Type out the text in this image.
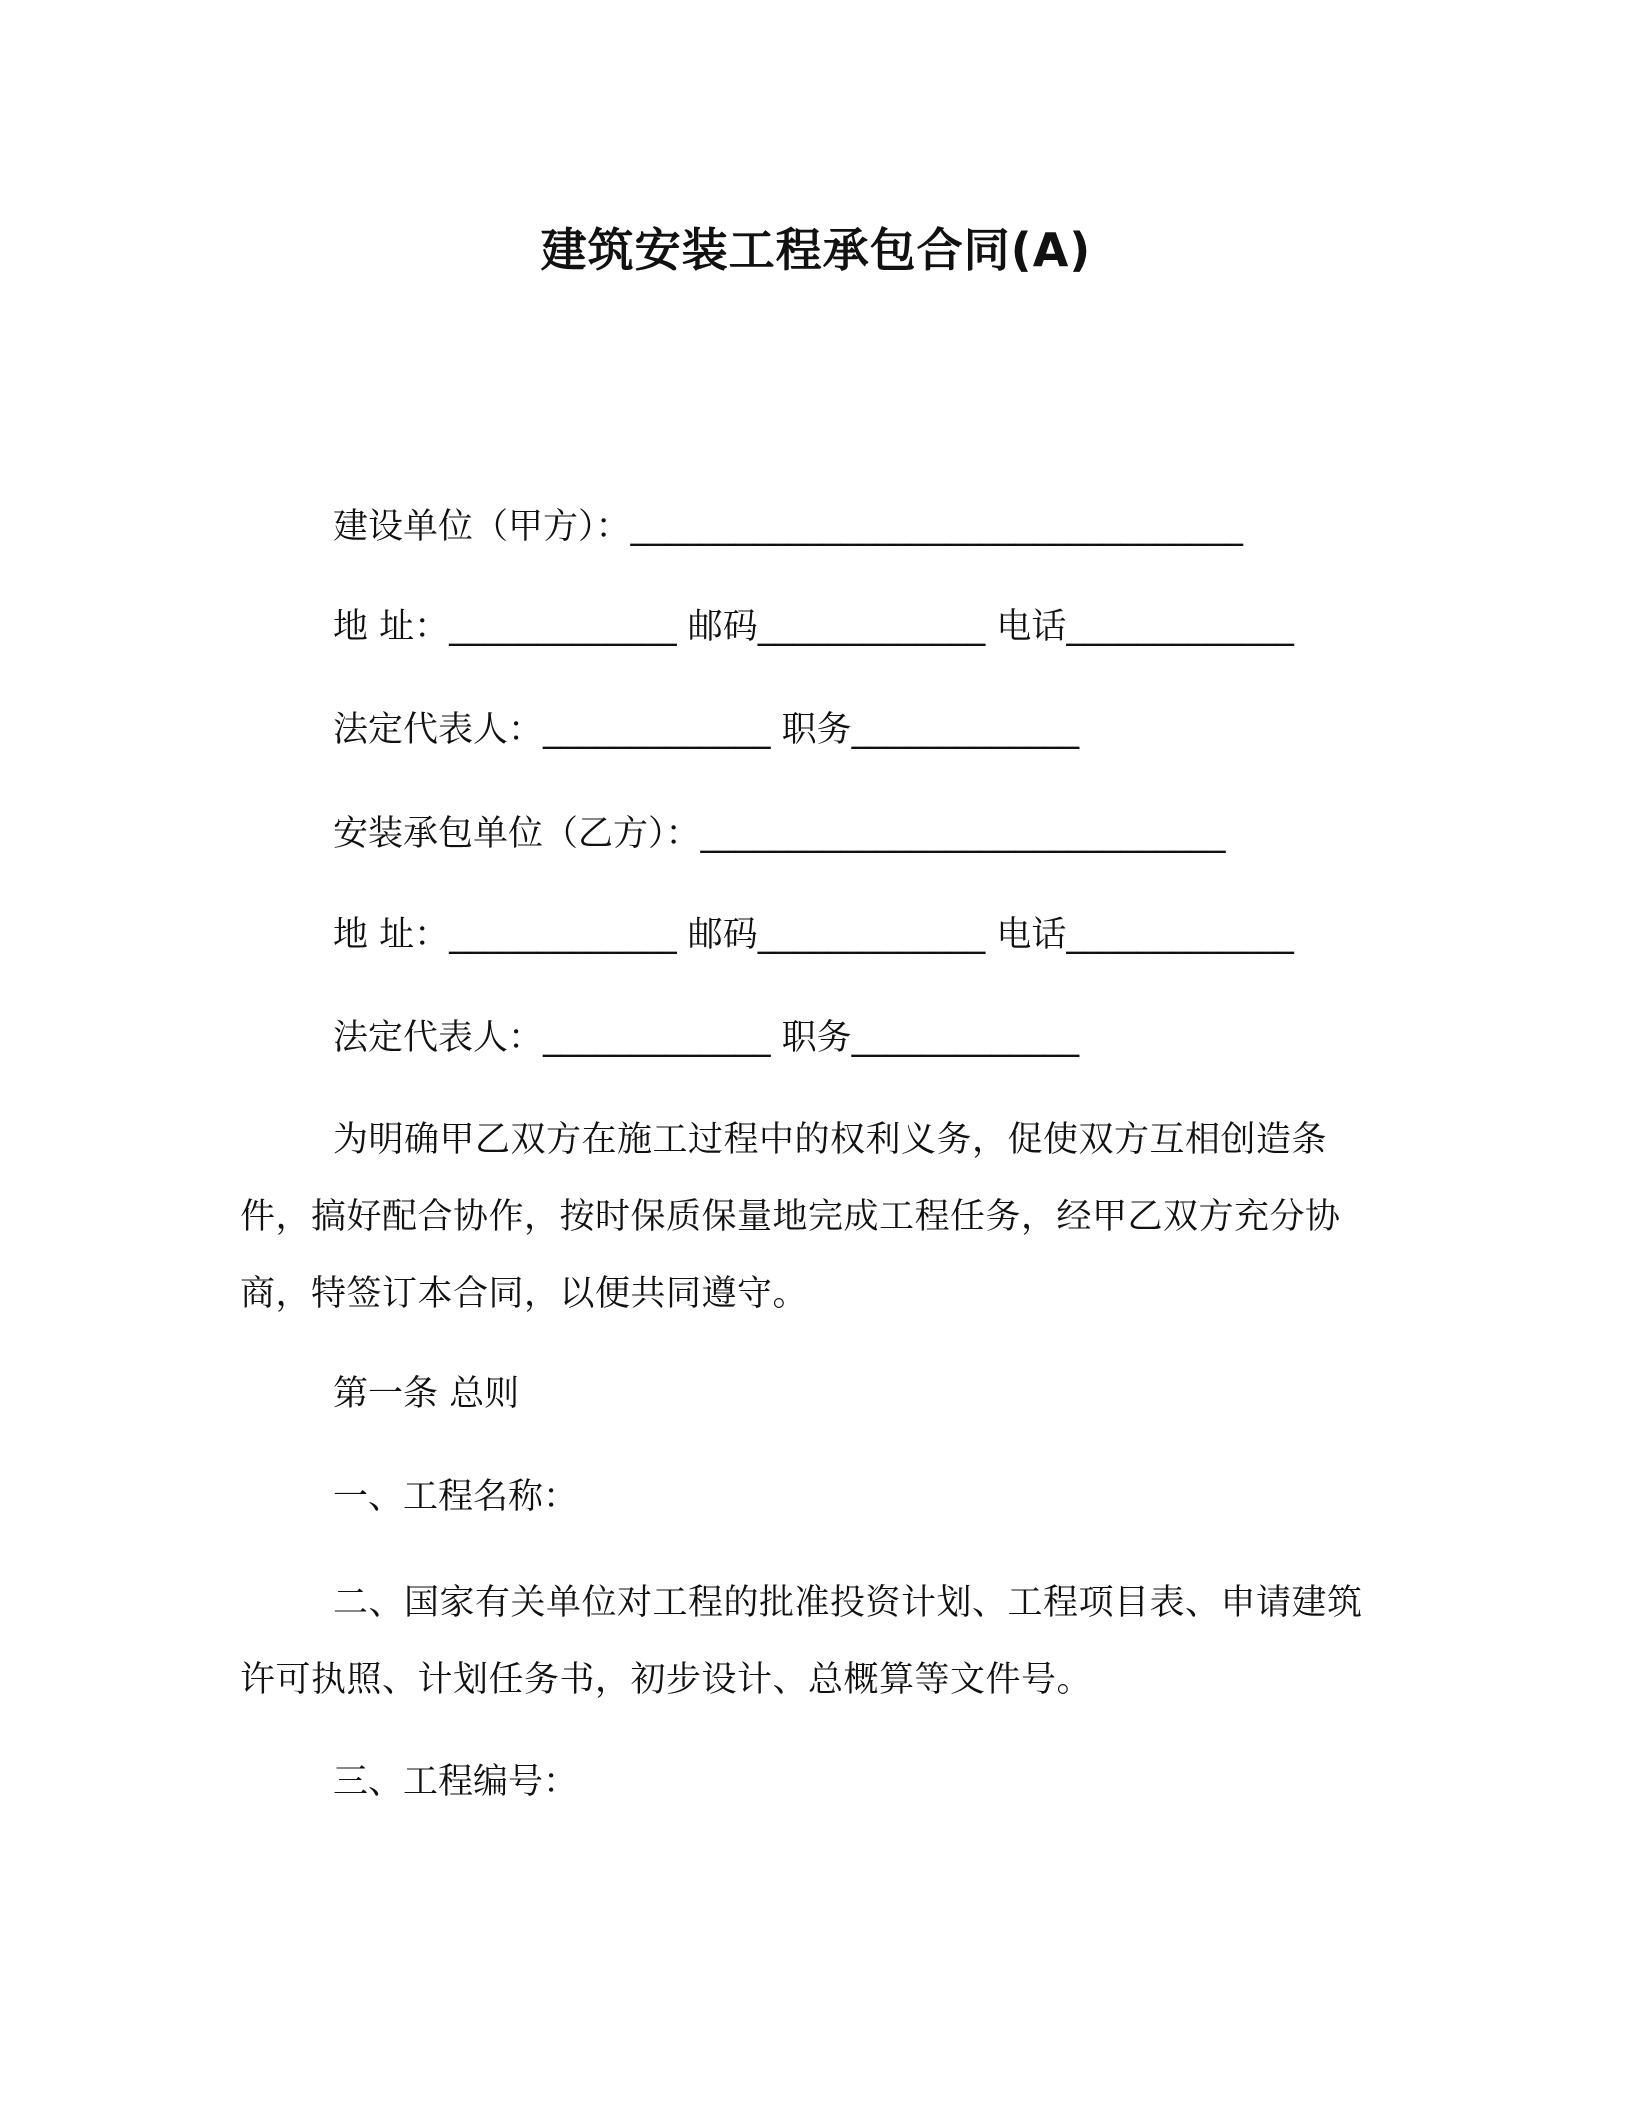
建筑安装工程承包合同(A)
建设单位（甲方）：___________________________________
地 址：_____________ 邮码_____________ 电话_____________
法定代表人：_____________ 职务_____________
安装承包单位（乙方）：______________________________
地 址：_____________ 邮码_____________ 电话_____________
法定代表人：_____________ 职务_____________
为明确甲乙双方在施工过程中的权利义务，促使双方互相创造条件，搞好配合协作，按时保质保量地完成工程任务，经甲乙双方充分协商，特签订本合同，以便共同遵守。
第一条 总则
一、工程名称：
二、国家有关单位对工程的批准投资计划、工程项目表、申请建筑许可执照、计划任务书，初步设计、总概算等文件号。
三、工程编号：
